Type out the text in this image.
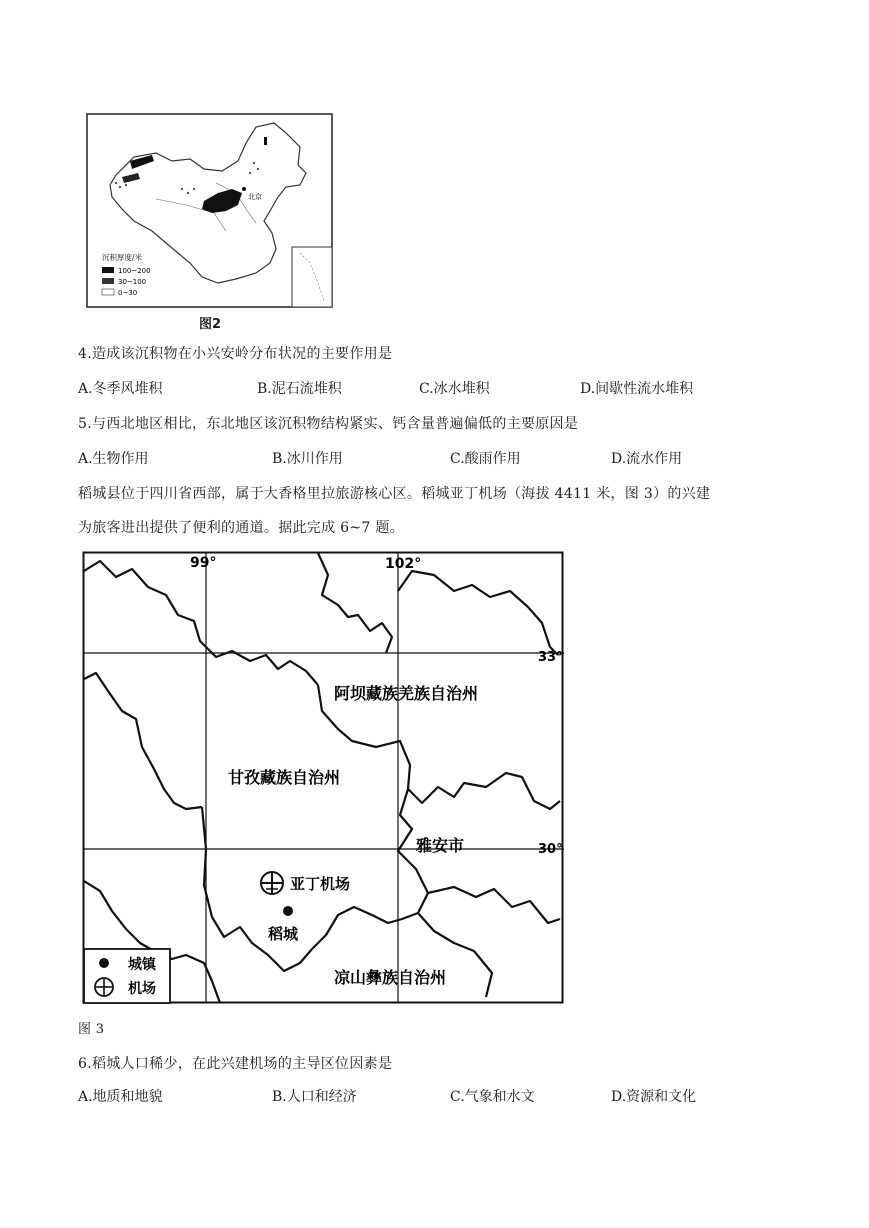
北京
沉积厚度/米
100~200
30~100
0~30
图2
4.造成该沉积物在小兴安岭分布状况的主要作用是
A.冬季风堆积	B.泥石流堆积	C.冰水堆积	D.间歇性流水堆积
5.与西北地区相比，东北地区该沉积物结构紧实、钙含量普遍偏低的主要原因是
A.生物作用	B.冰川作用	C.酸雨作用	D.流水作用
稻城县位于四川省西部，属于大香格里拉旅游核心区。稻城亚丁机场（海拔 4411 米，图 3）的兴建
为旅客进出提供了便利的通道。据此完成 6~7 题。
99°	102°
33°
30°
阿坝藏族羌族自治州
甘孜藏族自治州
雅安市
凉山彝族自治州
亚丁机场
稻城
城镇
机场
图 3
6.稻城人口稀少，在此兴建机场的主导区位因素是
A.地质和地貌	B.人口和经济	C.气象和水文	D.资源和文化
